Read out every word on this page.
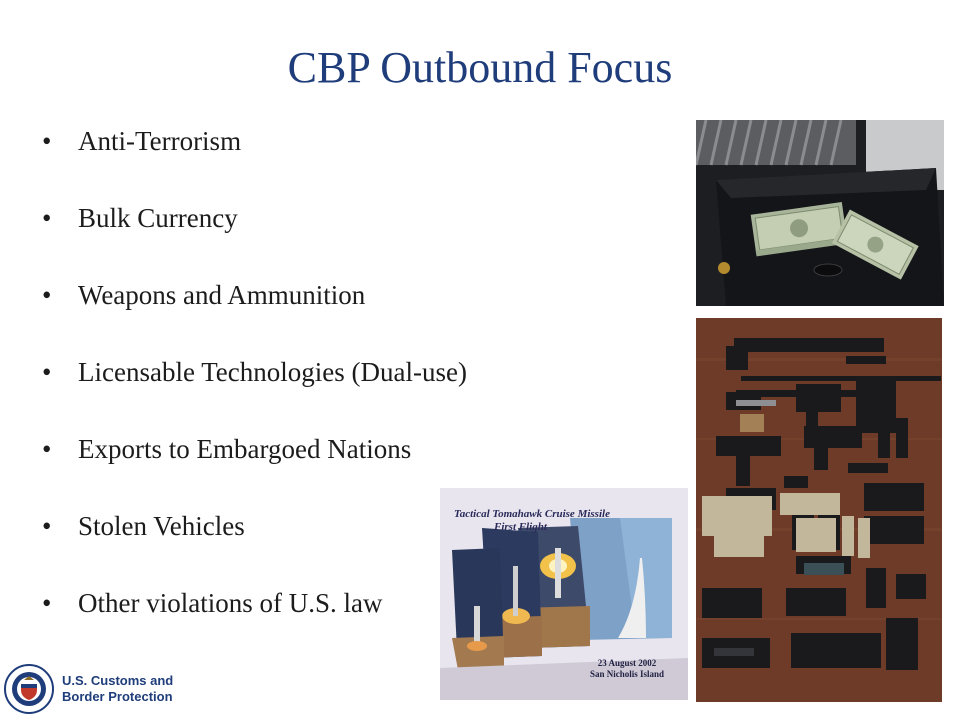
CBP Outbound Focus
• Anti-Terrorism
• Bulk Currency
• Weapons and Ammunition
• Licensable Technologies (Dual-use)
• Exports to Embargoed Nations
• Stolen Vehicles
• Other violations of U.S. law
Tactical Tomahawk Cruise Missile
First Flight
23 August 2002
San Nicholis Island
U.S. Customs and
Border Protection
